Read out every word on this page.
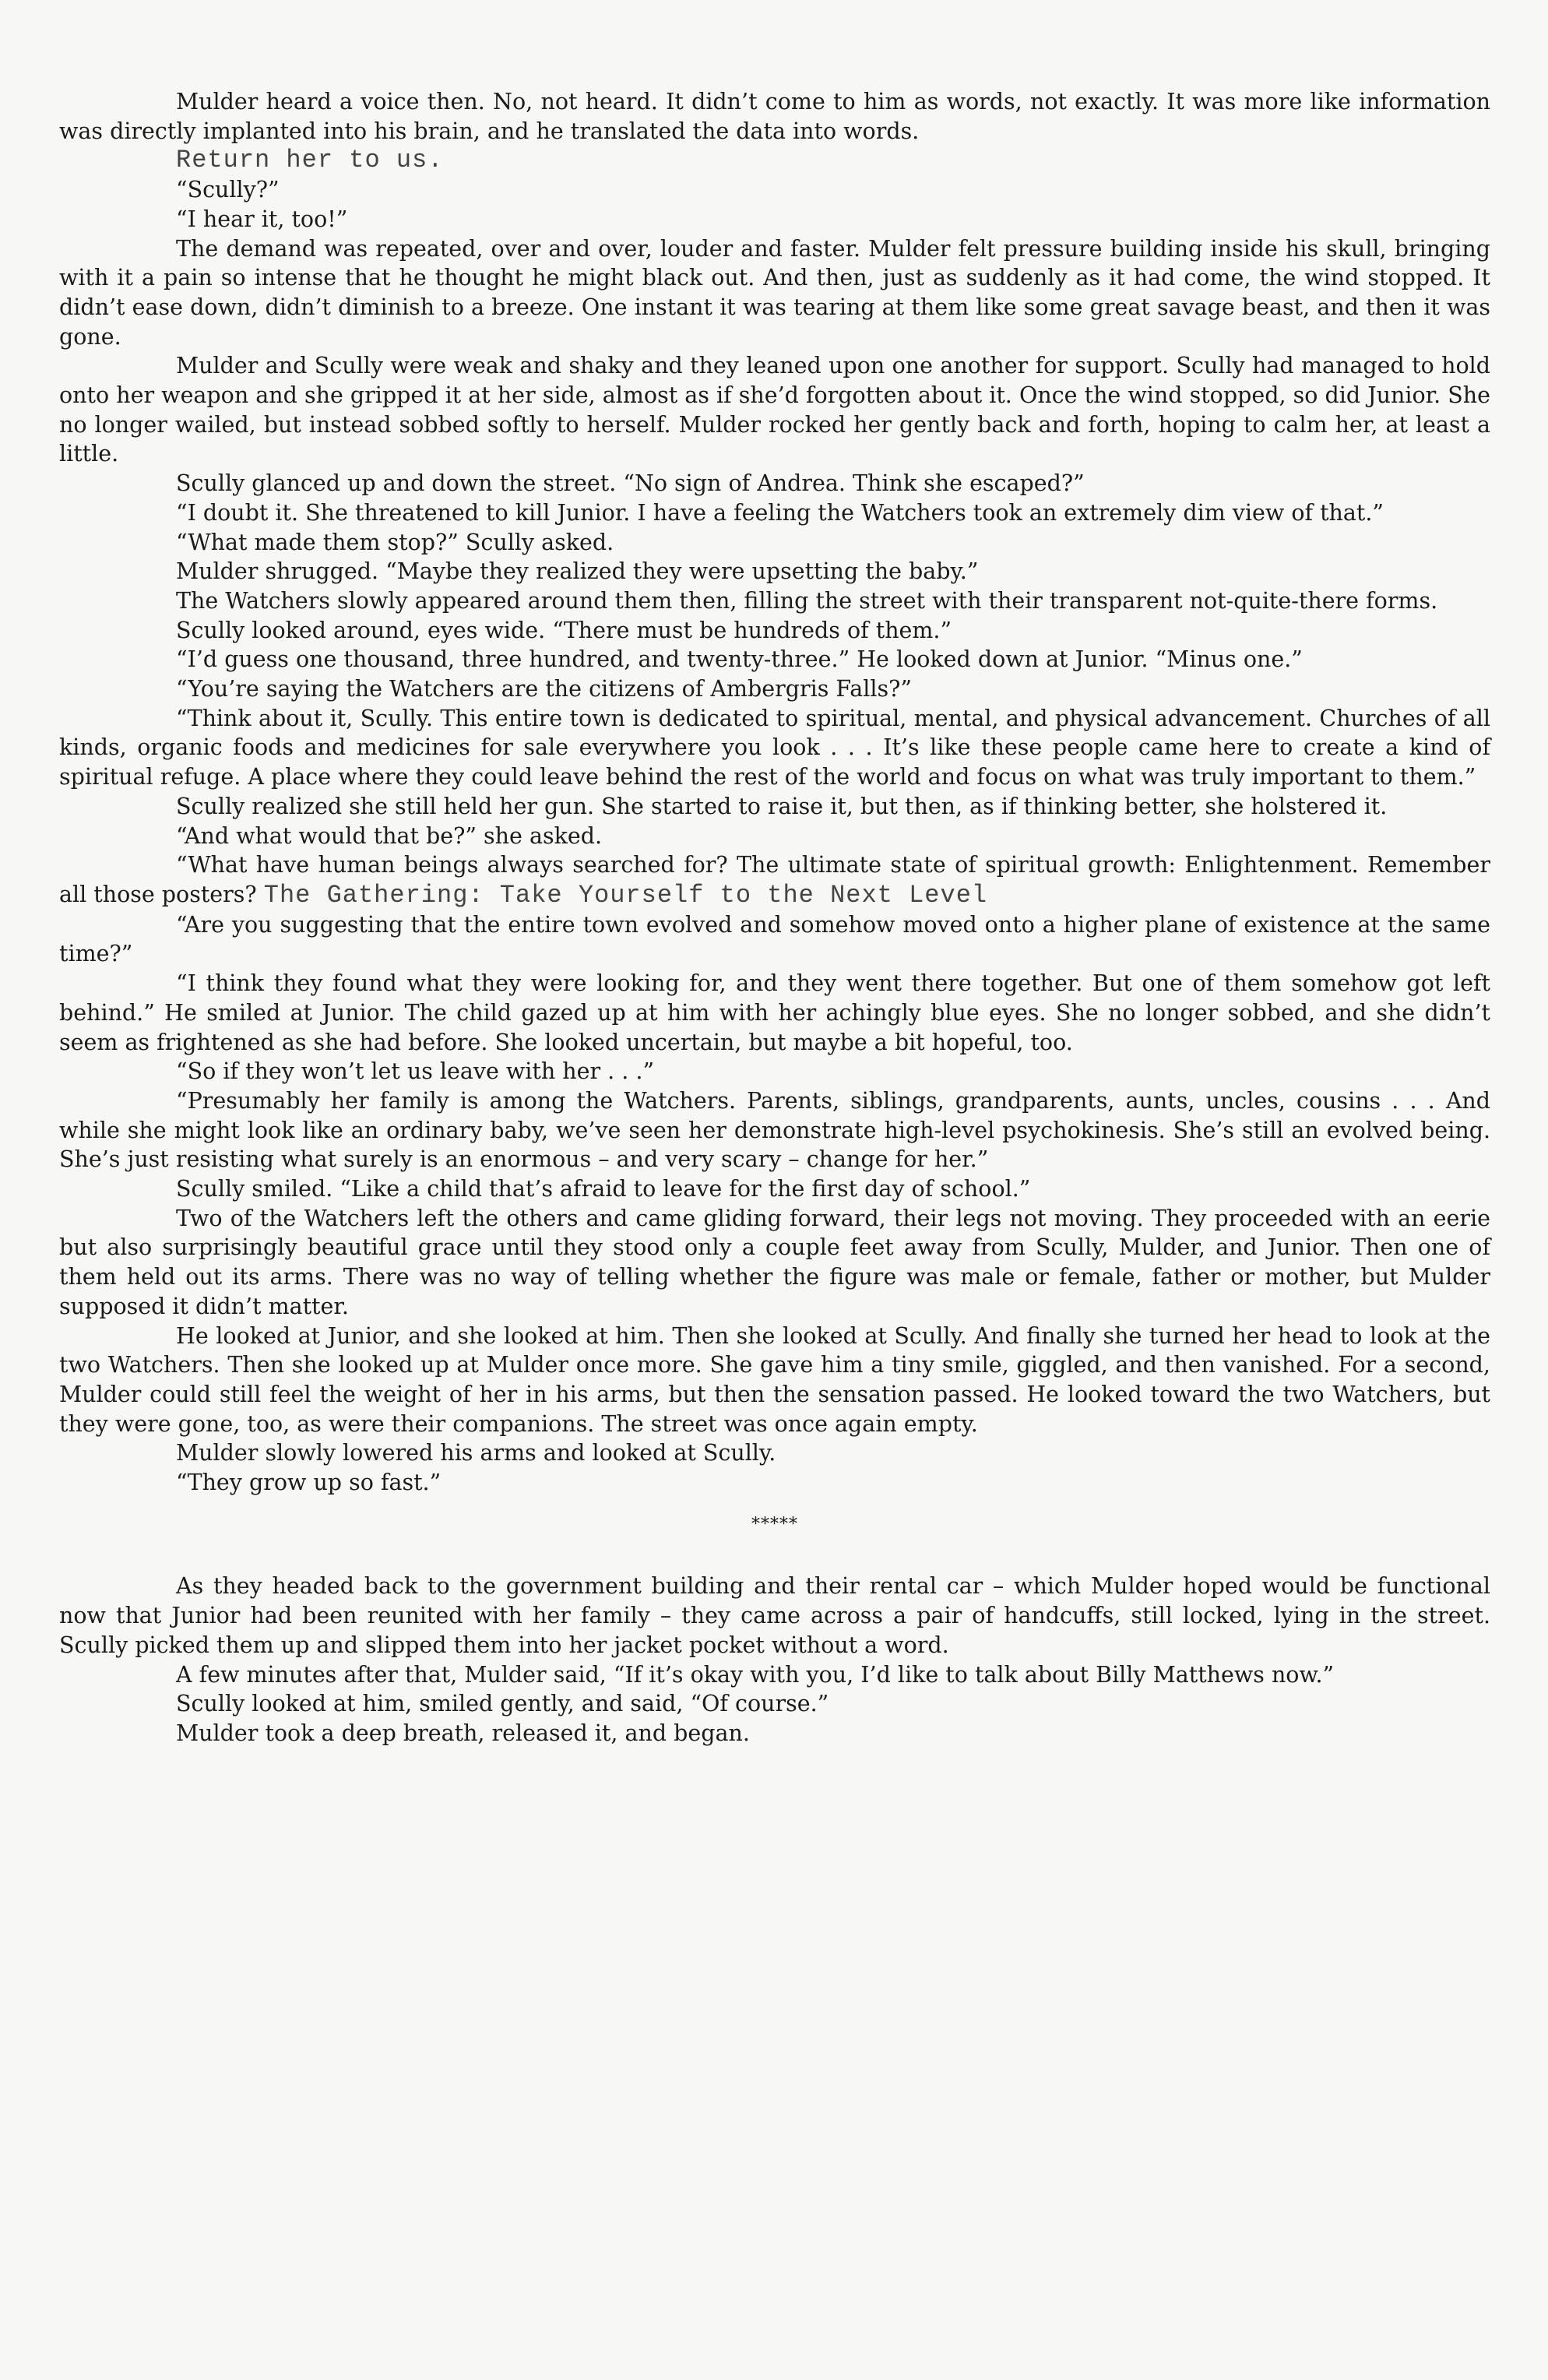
Mulder heard a voice then. No, not heard. It didn’t come to him as words, not exactly. It was more like information was directly implanted into his brain, and he translated the data into words.

Return her to us.

“Scully?”

“I hear it, too!”

The demand was repeated, over and over, louder and faster. Mulder felt pressure building inside his skull, bringing with it a pain so intense that he thought he might black out. And then, just as suddenly as it had come, the wind stopped. It didn’t ease down, didn’t diminish to a breeze. One instant it was tearing at them like some great savage beast, and then it was gone.

Mulder and Scully were weak and shaky and they leaned upon one another for support. Scully had managed to hold onto her weapon and she gripped it at her side, almost as if she’d forgotten about it. Once the wind stopped, so did Junior. She no longer wailed, but instead sobbed softly to herself. Mulder rocked her gently back and forth, hoping to calm her, at least a little.

Scully glanced up and down the street. “No sign of Andrea. Think she escaped?”

“I doubt it. She threatened to kill Junior. I have a feeling the Watchers took an extremely dim view of that.”

“What made them stop?” Scully asked.

Mulder shrugged. “Maybe they realized they were upsetting the baby.”

The Watchers slowly appeared around them then, filling the street with their transparent not-quite-there forms.

Scully looked around, eyes wide. “There must be hundreds of them.”

“I’d guess one thousand, three hundred, and twenty-three.” He looked down at Junior. “Minus one.”

“You’re saying the Watchers are the citizens of Ambergris Falls?”

“Think about it, Scully. This entire town is dedicated to spiritual, mental, and physical advancement. Churches of all kinds, organic foods and medicines for sale everywhere you look . . . It’s like these people came here to create a kind of spiritual refuge. A place where they could leave behind the rest of the world and focus on what was truly important to them.”

Scully realized she still held her gun. She started to raise it, but then, as if thinking better, she holstered it.

“And what would that be?” she asked.

“What have human beings always searched for? The ultimate state of spiritual growth: Enlightenment. Remember all those posters? The Gathering: Take Yourself to the Next Level

“Are you suggesting that the entire town evolved and somehow moved onto a higher plane of existence at the same time?”

“I think they found what they were looking for, and they went there together. But one of them somehow got left behind.” He smiled at Junior. The child gazed up at him with her achingly blue eyes. She no longer sobbed, and she didn’t seem as frightened as she had before. She looked uncertain, but maybe a bit hopeful, too.

“So if they won’t let us leave with her . . .”

“Presumably her family is among the Watchers. Parents, siblings, grandparents, aunts, uncles, cousins . . . And while she might look like an ordinary baby, we’ve seen her demonstrate high-level psychokinesis. She’s still an evolved being. She’s just resisting what surely is an enormous – and very scary – change for her.”

Scully smiled. “Like a child that’s afraid to leave for the first day of school.”

Two of the Watchers left the others and came gliding forward, their legs not moving. They proceeded with an eerie but also surprisingly beautiful grace until they stood only a couple feet away from Scully, Mulder, and Junior. Then one of them held out its arms. There was no way of telling whether the figure was male or female, father or mother, but Mulder supposed it didn’t matter.

He looked at Junior, and she looked at him. Then she looked at Scully. And finally she turned her head to look at the two Watchers. Then she looked up at Mulder once more. She gave him a tiny smile, giggled, and then vanished. For a second, Mulder could still feel the weight of her in his arms, but then the sensation passed. He looked toward the two Watchers, but they were gone, too, as were their companions. The street was once again empty.

Mulder slowly lowered his arms and looked at Scully.

“They grow up so fast.”

*****

As they headed back to the government building and their rental car – which Mulder hoped would be functional now that Junior had been reunited with her family – they came across a pair of handcuffs, still locked, lying in the street. Scully picked them up and slipped them into her jacket pocket without a word.

A few minutes after that, Mulder said, “If it’s okay with you, I’d like to talk about Billy Matthews now.”

Scully looked at him, smiled gently, and said, “Of course.”

Mulder took a deep breath, released it, and began.
